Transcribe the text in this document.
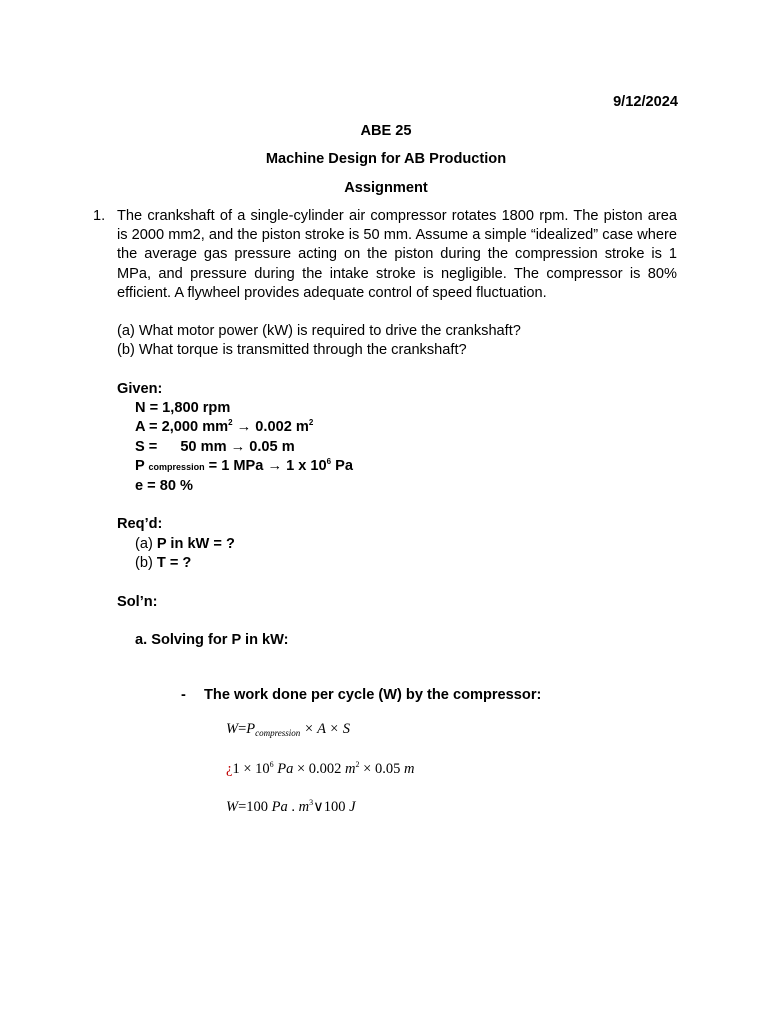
9/12/2024
ABE 25
Machine Design for AB Production
Assignment
1. The crankshaft of a single-cylinder air compressor rotates 1800 rpm. The piston area is 2000 mm2, and the piston stroke is 50 mm. Assume a simple “idealized” case where the average gas pressure acting on the piston during the compression stroke is 1 MPa, and pressure during the intake stroke is negligible. The compressor is 80% efficient. A flywheel provides adequate control of speed fluctuation.
(a) What motor power (kW) is required to drive the crankshaft?
(b) What torque is transmitted through the crankshaft?
Given:
N = 1,800 rpm
A = 2,000 $mm^2 \to 0.002$ $m^2$
S = 50 mm → 0.05 m
P compression = 1 MPa → 1 x $10^6$ Pa
e = 80 %
Req’d:
(a) P in kW = ?
(b) T = ?
Sol’n:
a. Solving for P in kW:
- The work done per cycle (W) by the compressor:
$W=P_{compression} \times A \times S$
¿$1 \times 10^6$ Pa × 0.002 $m^2 \times 0.05$ m
W=100 Pa . $m^3\vee 100$ J
